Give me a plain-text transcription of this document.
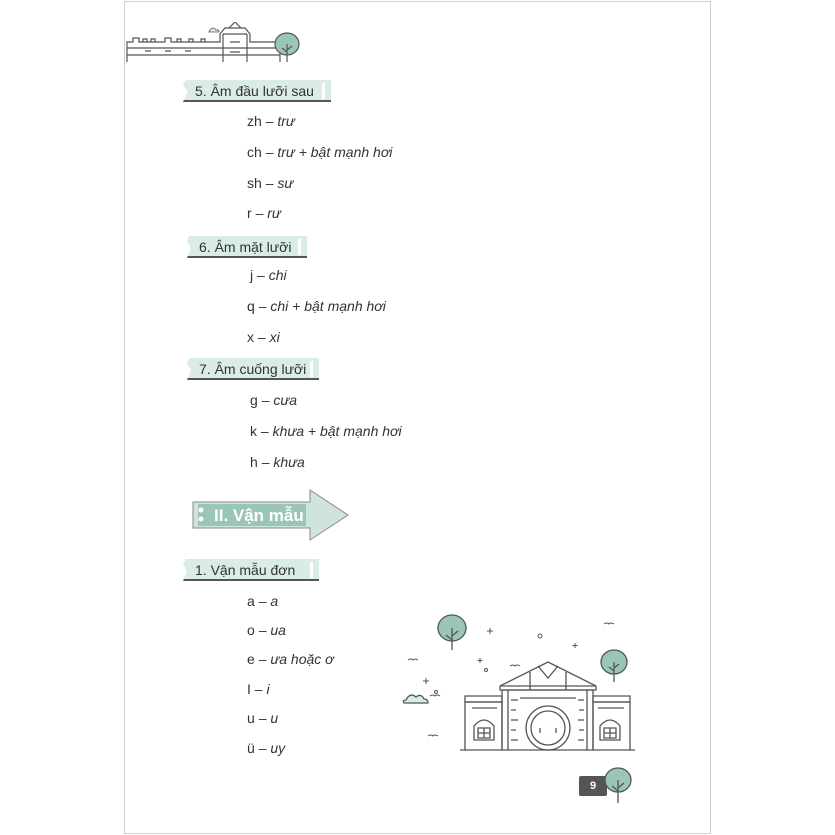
5. Âm đầu lưỡi sau
zh – trư
ch – trư + bật mạnh hơi
sh – sư
r – rư
6. Âm mặt lưỡi
j – chi
q – chi + bật mạnh hơi
x – xi
7. Âm cuống lưỡi
g – cưa
k – khưa + bật mạnh hơi
h – khưa
II. Vận mẫu
1. Vận mẫu đơn
a – a
o – ua
e – ưa hoặc ơ
I – i
u – u
ü – uy
9
